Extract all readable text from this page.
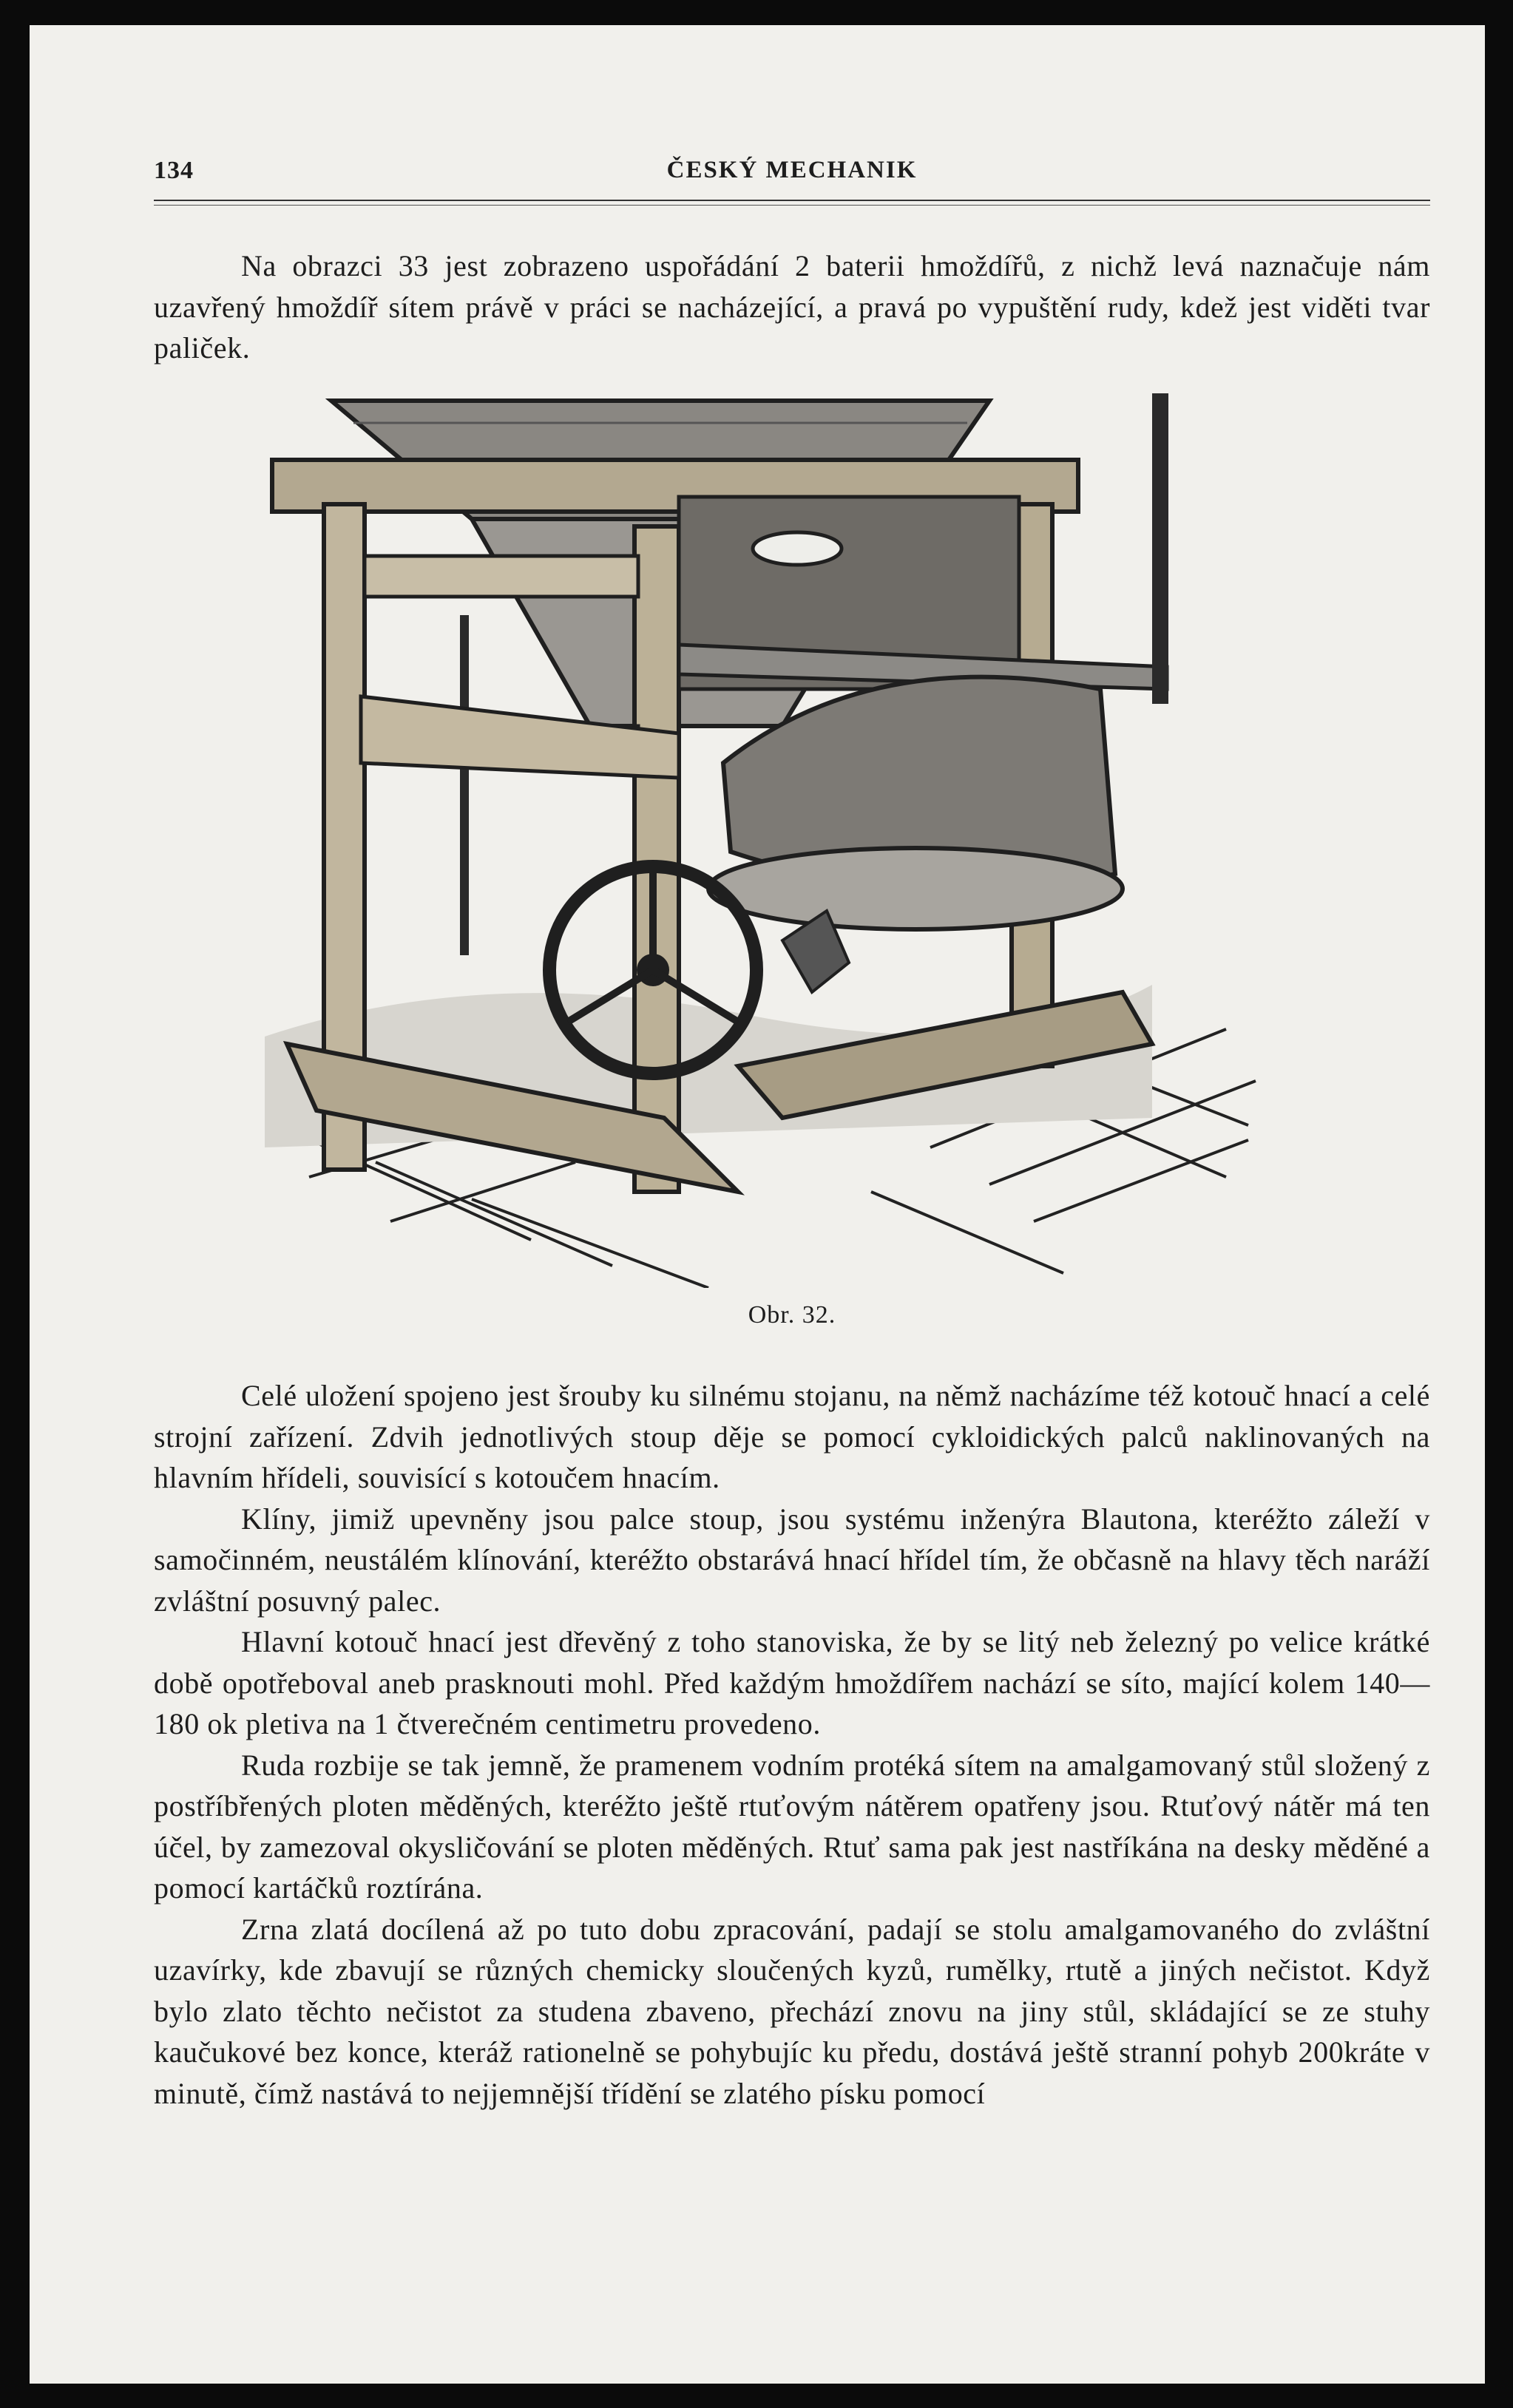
134	ČESKÝ MECHANIK

Na obrazci 33 jest zobrazeno uspořádání 2 baterii hmoždířů, z nichž levá naznačuje nám uzavřený hmoždíř sítem právě v práci se nacházející, a pravá po vypuštění rudy, kdež jest viděti tvar paliček.

Obr. 32.

Celé uložení spojeno jest šrouby ku silnému stojanu, na němž nacházíme též kotouč hnací a celé strojní zařízení. Zdvih jednotlivých stoup děje se pomocí cykloidických palců naklinovaných na hlavním hřídeli, souvisící s kotoučem hnacím.

Klíny, jimiž upevněny jsou palce stoup, jsou systému inženýra Blautona, kteréžto záleží v samočinném, neustálém klínování, kteréžto obstarává hnací hřídel tím, že občasně na hlavy těch naráží zvláštní posuvný palec.

Hlavní kotouč hnací jest dřevěný z toho stanoviska, že by se litý neb železný po velice krátké době opotřeboval aneb prasknouti mohl. Před každým hmoždířem nachází se síto, mající kolem 140—180 ok pletiva na 1 čtverečném centimetru provedeno.

Ruda rozbije se tak jemně, že pramenem vodním protéká sítem na amalgamovaný stůl složený z postříbřených ploten měděných, kteréžto ještě rtuťovým nátěrem opatřeny jsou. Rtuťový nátěr má ten účel, by zamezoval okysličování se ploten měděných. Rtuť sama pak jest nastříkána na desky měděné a pomocí kartáčků roztírána.

Zrna zlatá docílená až po tuto dobu zpracování, padají se stolu amalgamovaného do zvláštní uzavírky, kde zbavují se různých chemicky sloučených kyzů, rumělky, rtutě a jiných nečistot. Když bylo zlato těchto nečistot za studena zbaveno, přechází znovu na jiny stůl, skládající se ze stuhy kaučukové bez konce, kteráž rationelně se pohybujíc ku předu, dostává ještě stranní pohyb 200kráte v minutě, čímž nastává to nejjemnější třídění se zlatého písku pomocí
